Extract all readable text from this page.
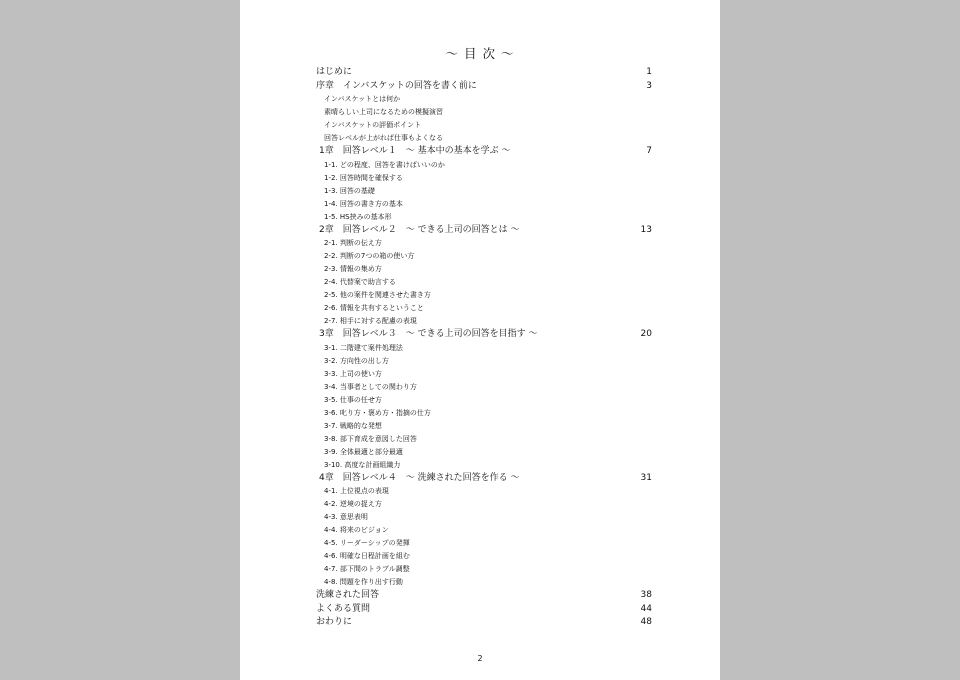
～ 目 次 ～
はじめに	1
序章　インバスケットの回答を書く前に	3
インバスケットとは何か
素晴らしい上司になるための模擬演習
インバスケットの評価ポイント
回答レベルが上がれば仕事もよくなる
1章　回答レベル１　～ 基本中の基本を学ぶ ～	7
1-1. どの程度、回答を書けばいいのか
1-2. 回答時間を確保する
1-3. 回答の基礎
1-4. 回答の書き方の基本
1-5. HS挟みの基本形
2章　回答レベル２　～ できる上司の回答とは ～	13
2-1. 判断の伝え方
2-2. 判断の7つの箱の使い方
2-3. 情報の集め方
2-4. 代替案で助言する
2-5. 他の案件を関連させた書き方
2-6. 情報を共有するということ
2-7. 相手に対する配慮の表現
3章　回答レベル３　～ できる上司の回答を目指す ～	20
3-1. 二階建て案件処理法
3-2. 方向性の出し方
3-3. 上司の使い方
3-4. 当事者としての関わり方
3-5. 仕事の任せ方
3-6. 叱り方・褒め方・指摘の仕方
3-7. 戦略的な発想
3-8. 部下育成を意図した回答
3-9. 全体最適と部分最適
3-10. 高度な計画組織力
4章　回答レベル４　～ 洗練された回答を作る ～	31
4-1. 上位視点の表現
4-2. 逆境の捉え方
4-3. 意思表明
4-4. 将来のビジョン
4-5. リーダーシップの発揮
4-6. 明確な日程計画を組む
4-7. 部下間のトラブル調整
4-8. 問題を作り出す行動
洗練された回答	38
よくある質問	44
おわりに	48
2
